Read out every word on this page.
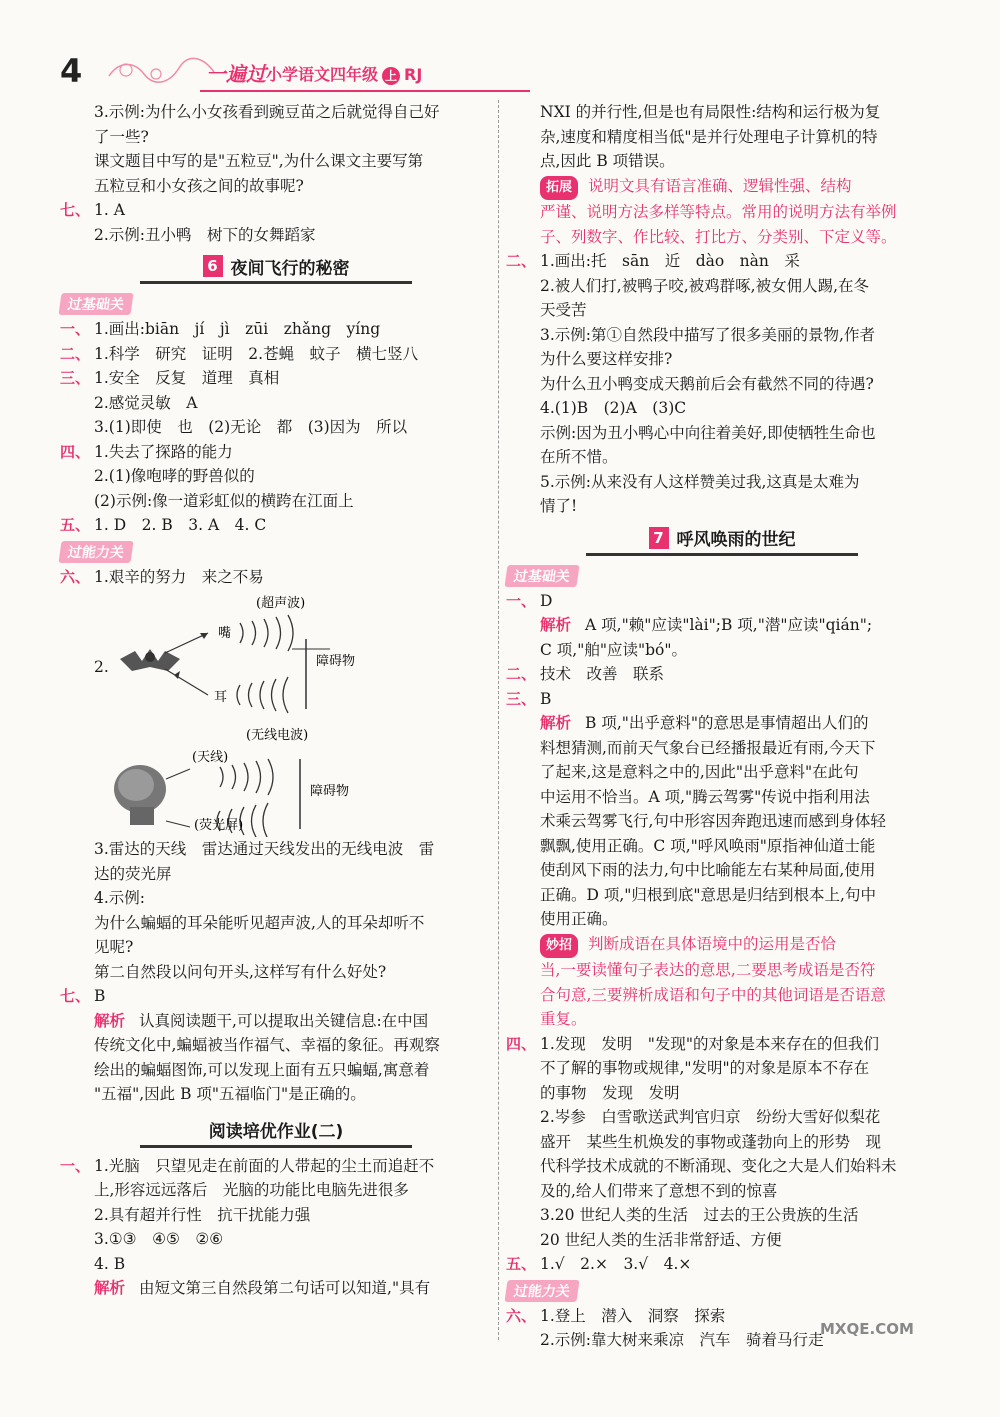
4	一遍过 小学语文四年级 上 RJ
3.示例:为什么小女孩看到豌豆苗之后就觉得自己好
了一些?
课文题目中写的是"五粒豆",为什么课文主要写第
五粒豆和小女孩之间的故事呢?
七、 1. A
2.示例:丑小鸭　树下的女舞蹈家
6 夜间飞行的秘密
过基础关
一、 1.画出:biān　jí　jì　zūi　zhǎng　yíng
二、 1.科学　研究　证明　2.苍蝇　蚊子　横七竖八
三、 1.安全　反复　道理　真相
2.感觉灵敏　A
3.(1)即使　也　(2)无论　都　(3)因为　所以
四、 1.失去了探路的能力
2.(1)像咆哮的野兽似的
(2)示例:像一道彩虹似的横跨在江面上
五、 1. D　2. B　3. A　4. C
过能力关
六、 1.艰辛的努力　来之不易
2.
(超声波)
嘴
耳
障碍物
(无线电波)
(天线)
障碍物
(荧光屏)
3.雷达的天线　雷达通过天线发出的无线电波　雷
达的荧光屏
4.示例:
为什么蝙蝠的耳朵能听见超声波,人的耳朵却听不
见呢?
第二自然段以问句开头,这样写有什么好处?
七、 B
解析 认真阅读题干,可以提取出关键信息:在中国
传统文化中,蝙蝠被当作福气、幸福的象征。再观察
绘出的蝙蝠图饰,可以发现上面有五只蝙蝠,寓意着
"五福",因此 B 项"五福临门"是正确的。
阅读培优作业(二)
一、 1.光脑　只望见走在前面的人带起的尘土而追赶不
上,形容远远落后　光脑的功能比电脑先进很多
2.具有超并行性　抗干扰能力强
3.①③　④⑤　②⑥
4. B
解析 由短文第三自然段第二句话可以知道,"具有
NXI 的并行性,但是也有局限性:结构和运行极为复
杂,速度和精度相当低"是并行处理电子计算机的特
点,因此 B 项错误。
拓展 说明文具有语言准确、逻辑性强、结构
严谨、说明方法多样等特点。常用的说明方法有举例
子、列数字、作比较、打比方、分类别、下定义等。
二、 1.画出:托　sān　近　dào　nàn　采
2.被人们打,被鸭子咬,被鸡群啄,被女佣人踢,在冬
天受苦
3.示例:第①自然段中描写了很多美丽的景物,作者
为什么要这样安排?
为什么丑小鸭变成天鹅前后会有截然不同的待遇?
4.(1)B　(2)A　(3)C
示例:因为丑小鸭心中向往着美好,即使牺牲生命也
在所不惜。
5.示例:从来没有人这样赞美过我,这真是太难为
情了!
7 呼风唤雨的世纪
过基础关
一、 D
解析 A 项,"赖"应读"lài";B 项,"潜"应读"qián";
C 项,"舶"应读"bó"。
二、 技术　改善　联系
三、 B
解析 B 项,"出乎意料"的意思是事情超出人们的
料想猜测,而前天气象台已经播报最近有雨,今天下
了起来,这是意料之中的,因此"出乎意料"在此句
中运用不恰当。A 项,"腾云驾雾"传说中指利用法
术乘云驾雾飞行,句中形容因奔跑迅速而感到身体轻
飘飘,使用正确。C 项,"呼风唤雨"原指神仙道士能
使刮风下雨的法力,句中比喻能左右某种局面,使用
正确。D 项,"归根到底"意思是归结到根本上,句中
使用正确。
妙招 判断成语在具体语境中的运用是否恰
当,一要读懂句子表达的意思,二要思考成语是否符
合句意,三要辨析成语和句子中的其他词语是否语意
重复。
四、 1.发现　发明　"发现"的对象是本来存在的但我们
不了解的事物或规律,"发明"的对象是原本不存在
的事物　发现　发明
2.岑参　白雪歌送武判官归京　纷纷大雪好似梨花
盛开　某些生机焕发的事物或蓬勃向上的形势　现
代科学技术成就的不断涌现、变化之大是人们始料未
及的,给人们带来了意想不到的惊喜
3.20 世纪人类的生活　过去的王公贵族的生活
20 世纪人类的生活非常舒适、方便
五、 1.√　2.×　3.√　4.×
过能力关
六、 1.登上　潜入　洞察　探索
2.示例:靠大树来乘凉　汽车　骑着马行走
MXQE.COM
